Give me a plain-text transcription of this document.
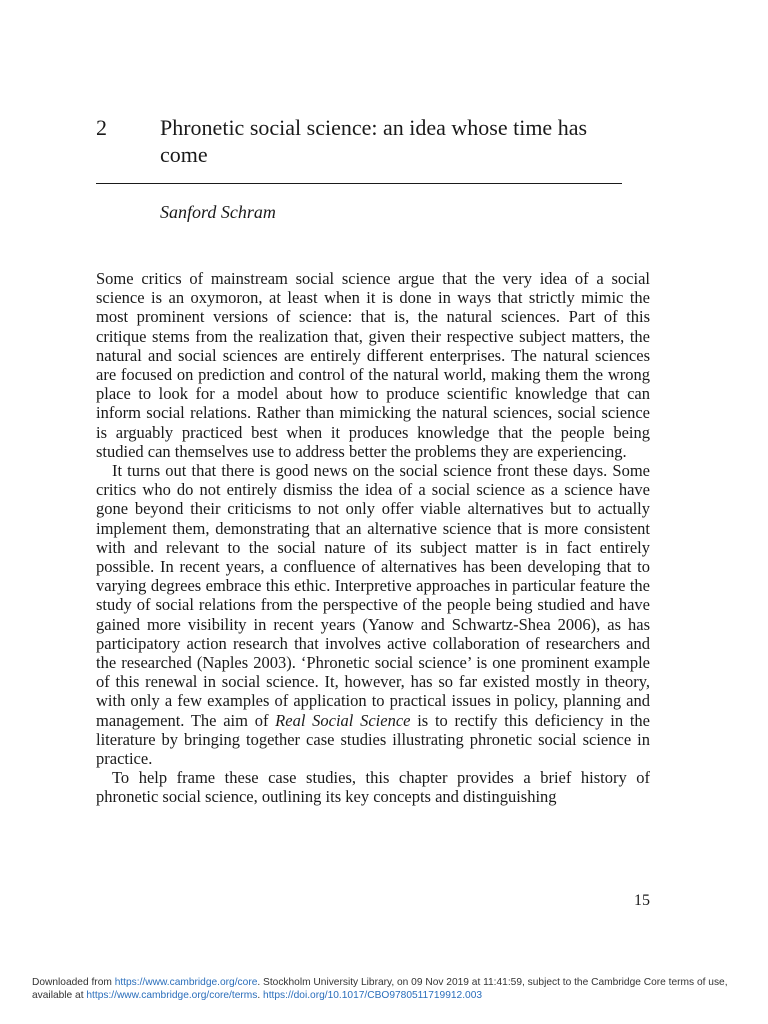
2 Phronetic social science: an idea whose time has come
Sanford Schram

Some critics of mainstream social science argue that the very idea of a social science is an oxymoron, at least when it is done in ways that strictly mimic the most prominent versions of science: that is, the natural sciences. Part of this critique stems from the realization that, given their respective subject matters, the natural and social sciences are entirely different enterprises. The natural sciences are focused on prediction and control of the natural world, making them the wrong place to look for a model about how to produce scientific knowledge that can inform social relations. Rather than mimicking the natural sciences, social science is arguably practiced best when it produces knowledge that the people being studied can themselves use to address better the problems they are experiencing.

It turns out that there is good news on the social science front these days. Some critics who do not entirely dismiss the idea of a social science as a science have gone beyond their criticisms to not only offer viable alternatives but to actually implement them, demonstrating that an alternative science that is more consistent with and relevant to the social nature of its subject matter is in fact entirely possible. In recent years, a confluence of alternatives has been developing that to varying degrees embrace this ethic. Interpretive approaches in particular feature the study of social relations from the perspective of the people being studied and have gained more visibility in recent years (Yanow and Schwartz-Shea 2006), as has participatory action research that involves active collaboration of researchers and the researched (Naples 2003). ‘Phronetic social science’ is one prominent example of this renewal in social science. It, however, has so far existed mostly in theory, with only a few examples of application to practical issues in policy, planning and management. The aim of Real Social Science is to rectify this deficiency in the literature by bringing together case studies illustrating phronetic social science in practice.

To help frame these case studies, this chapter provides a brief history of phronetic social science, outlining its key concepts and distinguishing

15
Downloaded from https://www.cambridge.org/core. Stockholm University Library, on 09 Nov 2019 at 11:41:59, subject to the Cambridge Core terms of use, available at https://www.cambridge.org/core/terms. https://doi.org/10.1017/CBO9780511719912.003
